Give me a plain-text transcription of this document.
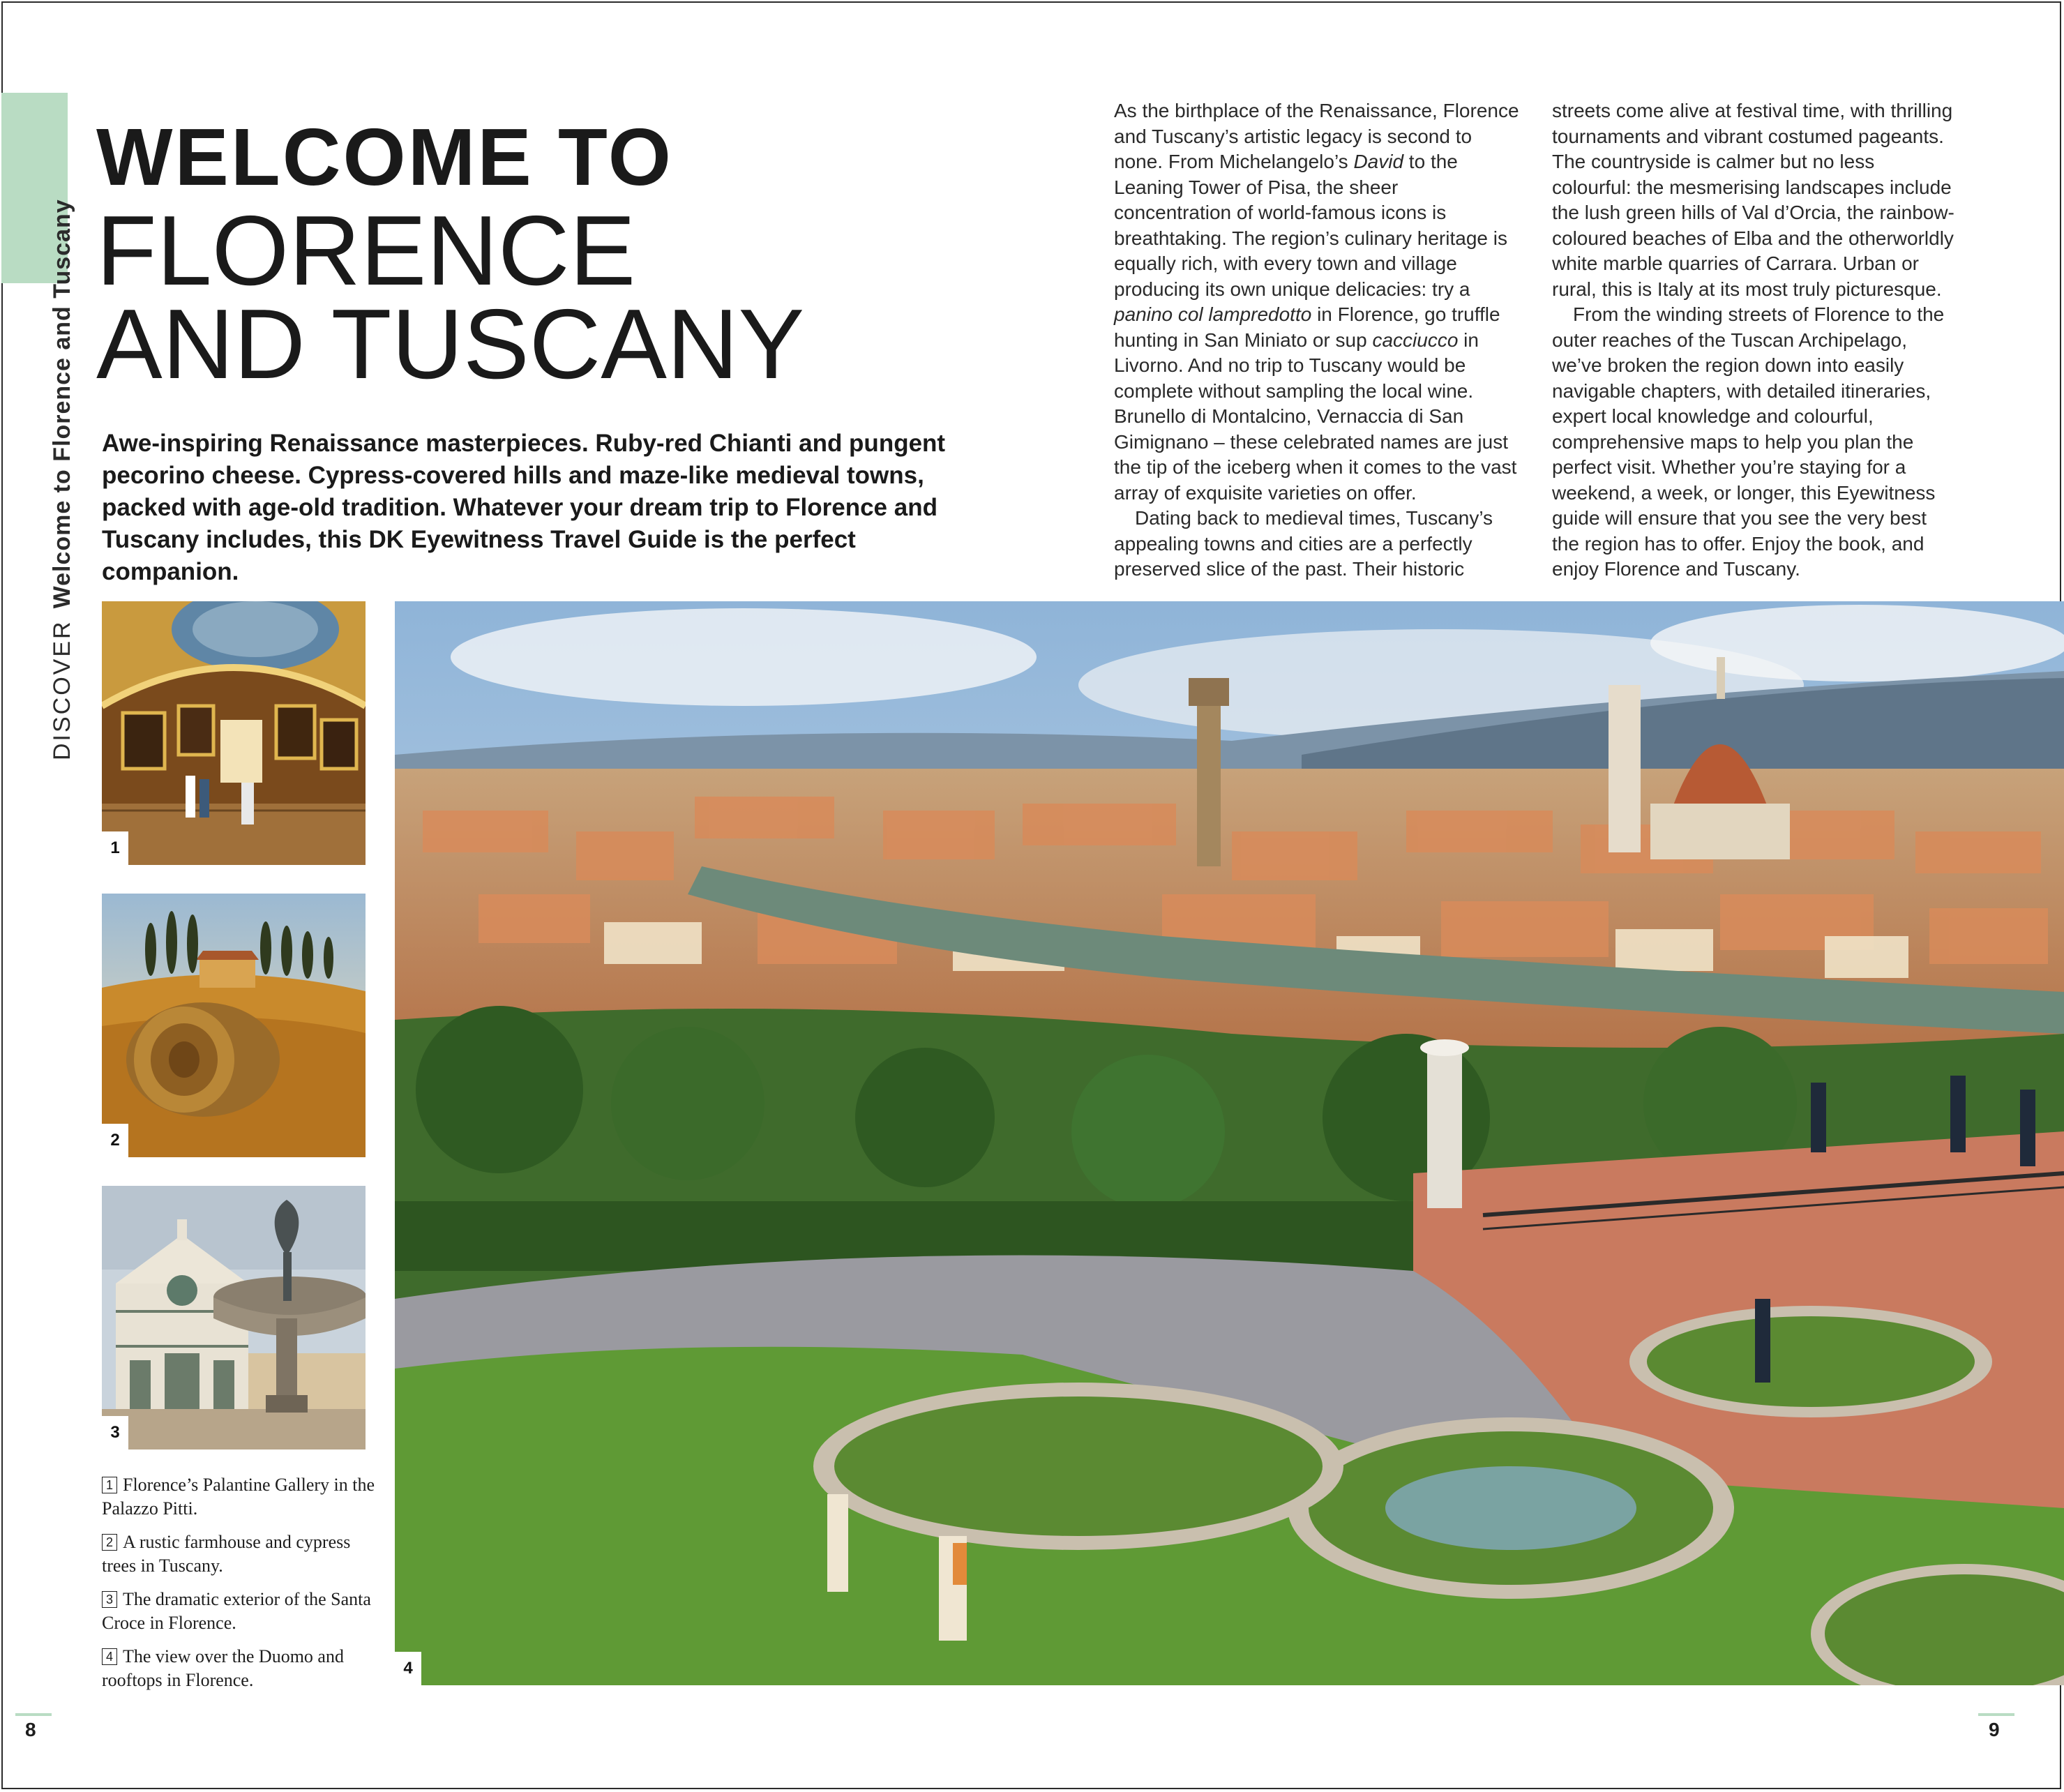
DISCOVERWelcome to Florence and Tuscany
WELCOME TO
FLORENCE
AND TUSCANY
Awe-inspiring Renaissance masterpieces. Ruby-red Chianti and pungent pecorino cheese. Cypress-covered hills and maze-like medieval towns, packed with age-old tradition. Whatever your dream trip to Florence and Tuscany includes, this DK Eyewitness Travel Guide is the perfect companion.

As the birthplace of the Renaissance, Florence and Tuscany’s artistic legacy is second to none. From Michelangelo’s David to the Leaning Tower of Pisa, the sheer concentration of world-famous icons is breathtaking. The region’s culinary heritage is equally rich, with every town and village producing its own unique delicacies: try a panino col lampredotto in Florence, go truffle hunting in San Miniato or sup cacciucco in Livorno. And no trip to Tuscany would be complete without sampling the local wine. Brunello di Montalcino, Vernaccia di San Gimignano – these celebrated names are just the tip of the iceberg when it comes to the vast array of exquisite varieties on offer.

Dating back to medieval times, Tuscany’s appealing towns and cities are a perfectly preserved slice of the past. Their historic

streets come alive at festival time, with thrilling tournaments and vibrant costumed pageants. The countryside is calmer but no less colourful: the mesmerising landscapes include the lush green hills of Val d’Orcia, the rainbow-coloured beaches of Elba and the otherworldly white marble quarries of Carrara. Urban or rural, this is Italy at its most truly picturesque.

From the winding streets of Florence to the outer reaches of the Tuscan Archipelago, we’ve broken the region down into easily navigable chapters, with detailed itineraries, expert local knowledge and colourful, comprehensive maps to help you plan the perfect visit. Whether you’re staying for a weekend, a week, or longer, this Eyewitness guide will ensure that you see the very best the region has to offer. Enjoy the book, and enjoy Florence and Tuscany.

1
2
3
4
1 Florence’s Palantine Gallery in the Palazzo Pitti.
2 A rustic farmhouse and cypress trees in Tuscany.
3 The dramatic exterior of the Santa Croce in Florence.
4 The view over the Duomo and rooftops in Florence.
8	9
